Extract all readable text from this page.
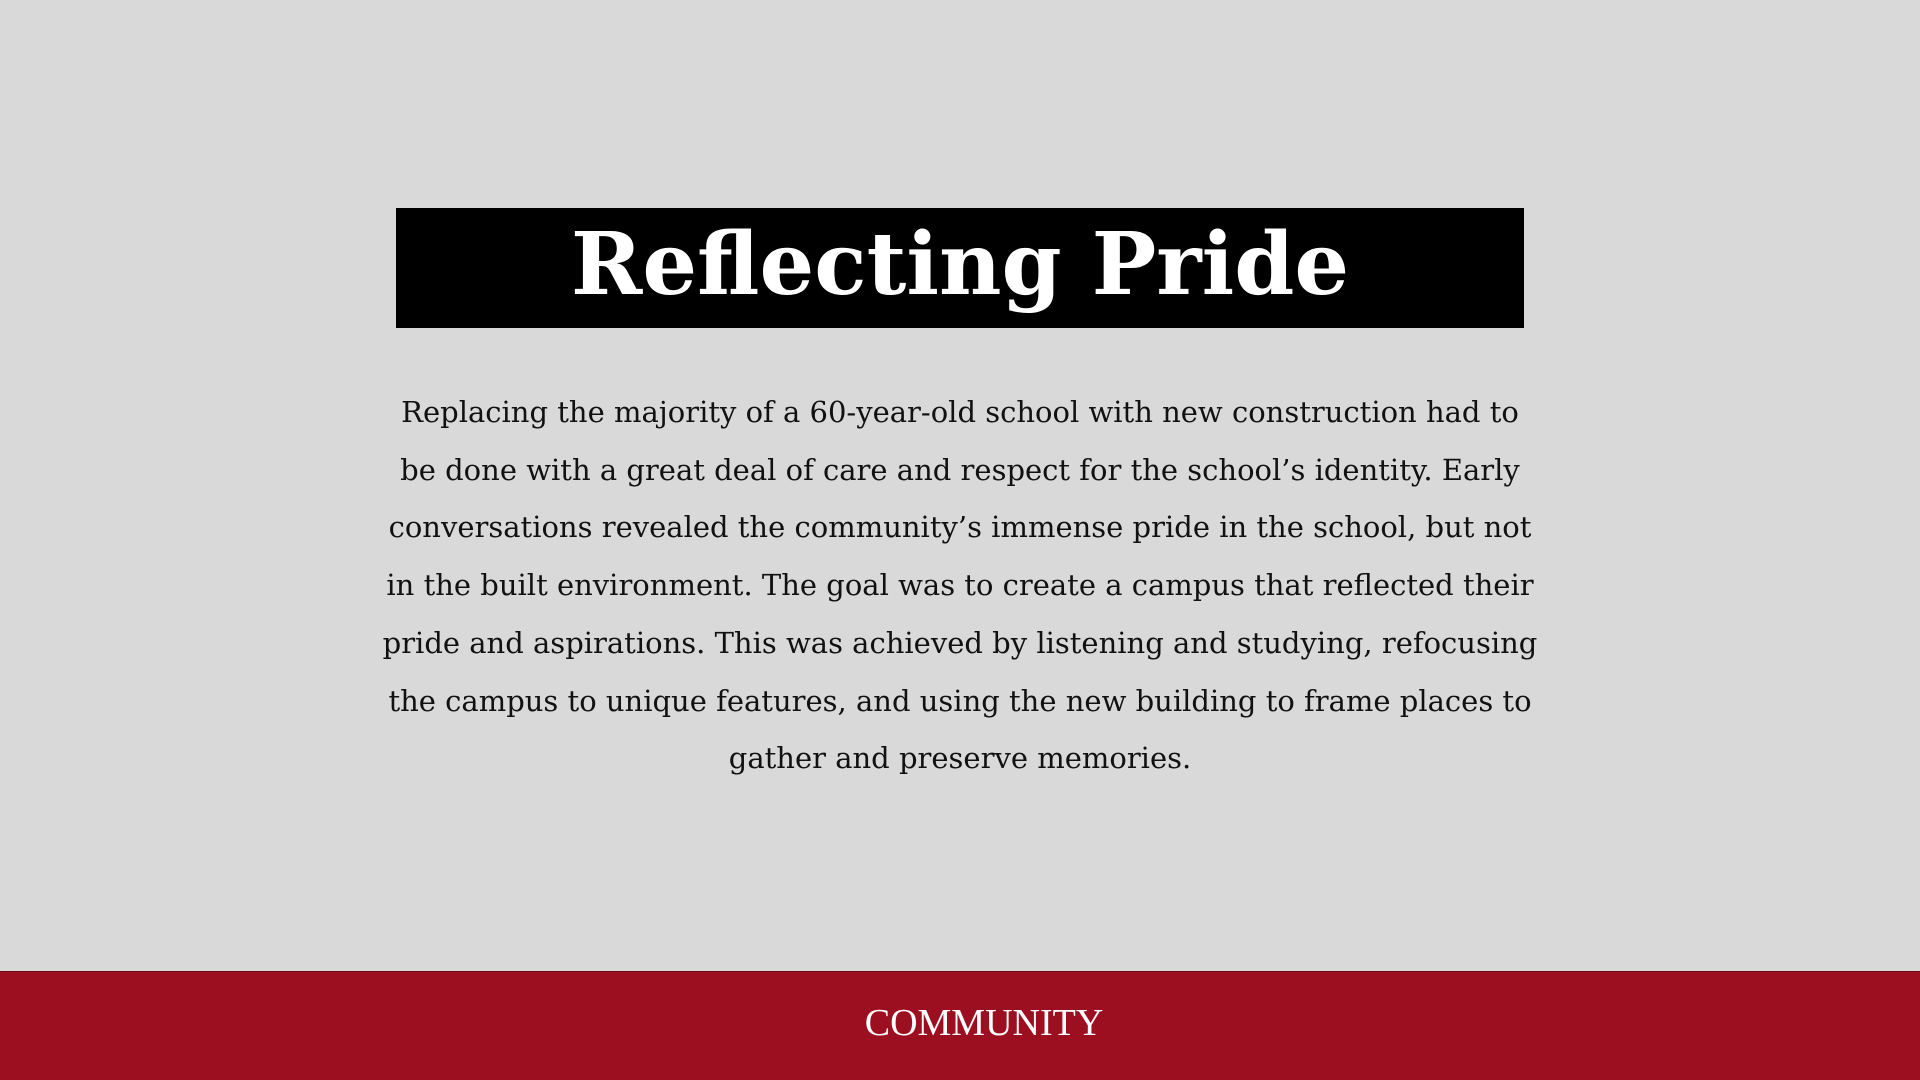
Reflecting Pride

Replacing the majority of a 60-year-old school with new construction had to be done with a great deal of care and respect for the school’s identity. Early conversations revealed the community’s immense pride in the school, but not in the built environment. The goal was to create a campus that reflected their pride and aspirations. This was achieved by listening and studying, refocusing the campus to unique features, and using the new building to frame places to gather and preserve memories.

COMMUNITY
